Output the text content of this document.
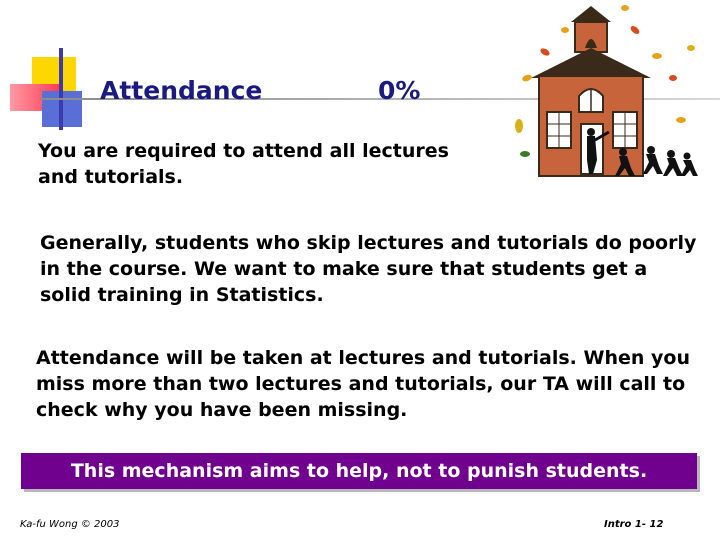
Attendance	0%

You are required to attend all lectures and tutorials.

Generally, students who skip lectures and tutorials do poorly in the course. We want to make sure that students get a solid training in Statistics.

Attendance will be taken at lectures and tutorials. When you miss more than two lectures and tutorials, our TA will call to check why you have been missing.

This mechanism aims to help, not to punish students.
Ka-fu Wong © 2003	Intro 1- 12
